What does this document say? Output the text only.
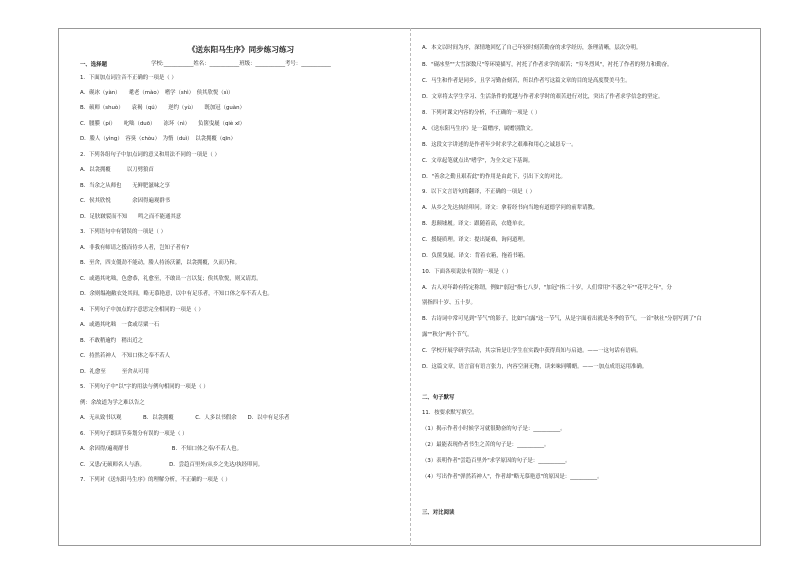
《送东阳马生序》同步练习练习
学校:___________姓名：___________班级：___________考号：___________
一、选择题
1．下面加点词注音不正确的一项是（ ）
A．砚冰（yàn）　　耄老（mào）　嗜学（shì）　侯其欣悦（sì）
B．硕师（shuò）　　袁褐（qú）　　逆约（yù）　　既加冠（guàn）
C．腰膜（pí）　　叱咄（duō）　　冻坏（nì）　　负箧曳屣（qiè xī）
D．媵人（yìng）　容臭（chòu）　为惰（duì）　以衾拥覆（qīn）
2．下列各组句子中加点词的意义和用法不同的一项是（ ）
A．以衾拥覆　　　以刀劈狼首
B．当余之从师也　　无鲜肥滋味之享
C．侯其欣悦　　　　余因得遍观群书
D．足肤皲裂而不知　　鸣之而不能通其意
3．下列语句中有错误的一项是（ ）
A．非我有师请之援而侍乡人者，岂知子者有?
B．至舍，四支僵劲不能动，媵人持汤沃灌，以衾拥覆，久而乃和。
C．或遇其叱咄，色愈恭，礼愈至，不敢出一言以复；俟其欣悦，则又请焉。
D．余则缊袍敝衣处其间，略无慕艳意，以中有足乐者，不知口体之奉不若人也。
4．下列句子中加点的字意思完全相同的一项是（ ）
A．或遇其叱咄　一食或尽粟一石
B．不敢稍逾约　稍出近之
C．持然若神人　不知口体之奉不若人
D．礼愈至　　　至舍从可用
5．下列句子中"以"字的用法与例句相同的一项是（ ）
例：余故道为学之难以告之
A．无从致书以观　　　　B．以衾拥覆　　　　C．人多以书假余　　D．以中有足乐者
6．下列句子朗读节奏划分有误的一项是（ ）
A．余因得/遍观群书　　　　　　　　B．不知口体之奉/不若人也。
C．又患/无硕师名人与游。　　　　　D．尝趋百里外/从乡之先达/执经叩问。
7．下列对《送东阳马生序》的理解分析，不正确的一项是（ ）
A．本文以时间为序，深情地回忆了自己年轻时刻苦勤奋的求学经历，条理清晰，层次分明。
B．"砚冰坚""大雪深数尺"等环境描写，衬托了作者求学的艰苦；"穷冬烈风"，衬托了作者的努力和勤奋。
C．马生和作者是同乡，且学习勤奋刻苦，所以作者写这篇文章的目的是高度赞美马生。
D．文章将太学生学习、生活条件的优越与作者求学时的艰苦进行对比，突出了作者求学信念的坚定。
8．下列对课文内容的分析，不正确的一项是（ ）
A．《送东阳马生序》是一篇赠序，属赠别散文。
B．这段文字讲述的是作者年少时求学之艰难和用心之诚恳专一。
C．文章起笔就点出"嗜学"，为全文定下基调。
D．"善余之勤且艰若此"的作用是由此下，引出下文的对比。
9．以下文言语句的翻译，不正确的一项是（ ）
A．从乡之先达执经叩问。译文：拿着经书向当地有道德学问的前辈请教。
B．患颠墟履。译文：跟随着高，衣缝单衣。
C．援疑质理。译文：提出疑难，询问道理。
D．负箧曳屣。译文：背着衣箱，拖着书箱。
10．下面各项说法有误的一项是（ ）
A．古人对年龄有特定称谓，例如"弱冠"指七八岁，"加冠"指二十岁，人们常用"不惑之年""花甲之年"，分
别指四十岁、五十岁。
B．古诗词中常可见到"节气"的影子，比如"白露"这一节气，从是字面看出就是冬季的节气，一首"秋社"分别写到了"白
露""秋分"两个节气。
C．学校开展学研学活动，其宗旨是让学生在实践中获得真知与启迪。——一这句话有语病。
D．这篇文章，语言富有语言张力，内容空洞无物，读来味同嚼蜡。——一加点成语运用准确。
二、句子默写
11．按要求默写填空。
（1）揭示作者小时候学习就很勤奋的句子是：__________。
（2）最能表现作者书生之苦的句子是：__________。
（3）表明作者"尝趋百里外"求学原因的句子是：__________。
（4）写出作者"弹然若神人"，作者却"略无慕艳意"的原因是：__________。
三、对比阅读
